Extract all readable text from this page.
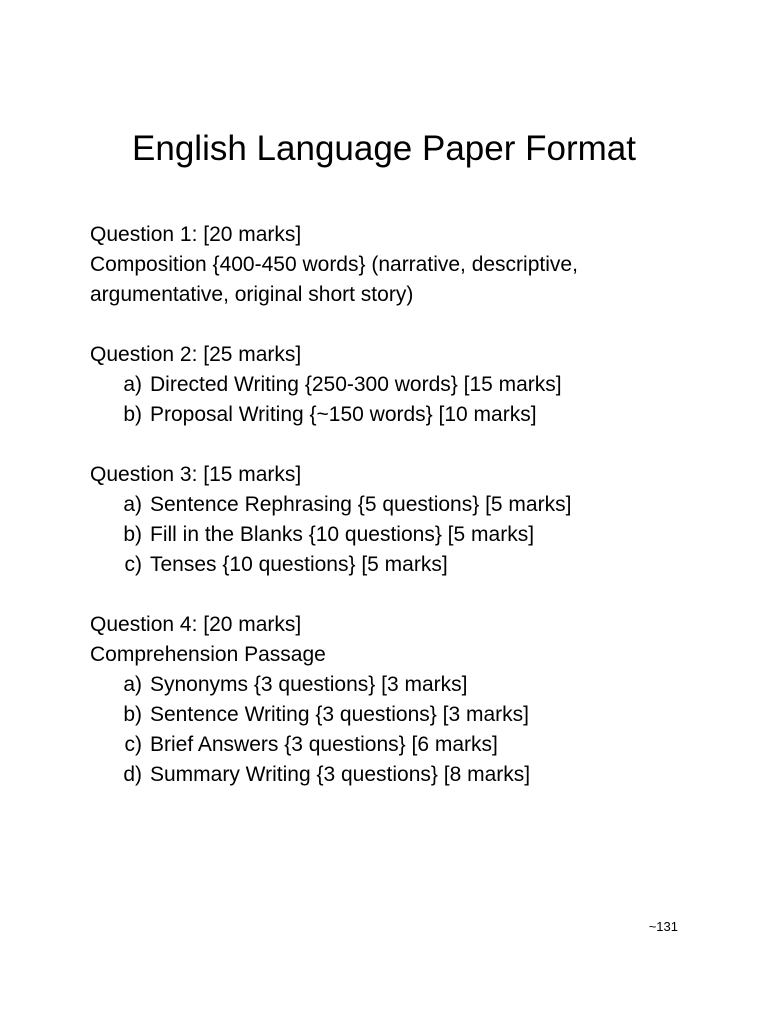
English Language Paper Format
Question 1: [20 marks]
Composition {400-450 words} (narrative, descriptive,
argumentative, original short story)
Question 2: [25 marks]
a) Directed Writing {250-300 words} [15 marks]
b) Proposal Writing {~150 words} [10 marks]
Question 3: [15 marks]
a) Sentence Rephrasing {5 questions} [5 marks]
b) Fill in the Blanks {10 questions} [5 marks]
c) Tenses {10 questions} [5 marks]
Question 4: [20 marks]
Comprehension Passage
a) Synonyms {3 questions} [3 marks]
b) Sentence Writing {3 questions} [3 marks]
c) Brief Answers {3 questions} [6 marks]
d) Summary Writing {3 questions} [8 marks]
~131
